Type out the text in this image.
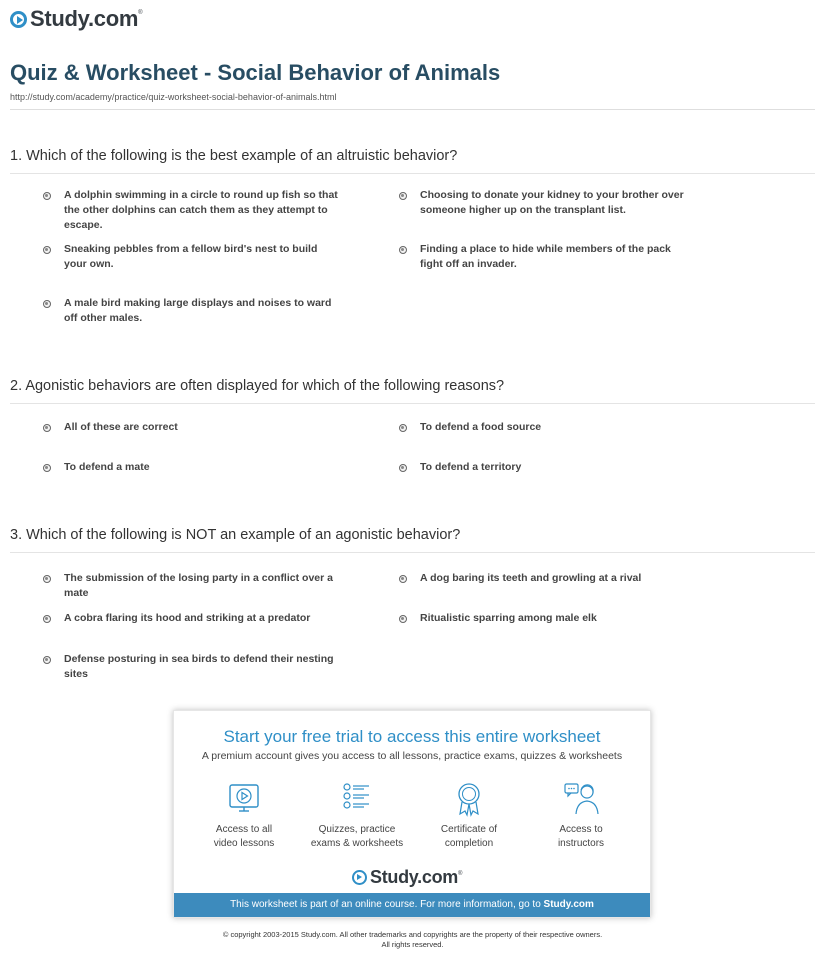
Study.com ®
Quiz & Worksheet - Social Behavior of Animals
http://study.com/academy/practice/quiz-worksheet-social-behavior-of-animals.html
1. Which of the following is the best example of an altruistic behavior?
A dolphin swimming in a circle to round up fish so that the other dolphins can catch them as they attempt to escape.
Choosing to donate your kidney to your brother over someone higher up on the transplant list.
Sneaking pebbles from a fellow bird's nest to build your own.
Finding a place to hide while members of the pack fight off an invader.
A male bird making large displays and noises to ward off other males.
2. Agonistic behaviors are often displayed for which of the following reasons?
All of these are correct	To defend a food source
To defend a mate	To defend a territory
3. Which of the following is NOT an example of an agonistic behavior?
The submission of the losing party in a conflict over a mate
A dog baring its teeth and growling at a rival
A cobra flaring its hood and striking at a predator	Ritualistic sparring among male elk
Defense posturing in sea birds to defend their nesting sites
Start your free trial to access this entire worksheet
A premium account gives you access to all lessons, practice exams, quizzes & worksheets
Access to all
video lessons
Quizzes, practice
exams & worksheets
Certificate of
completion
Access to
instructors
Study.com ®
This worksheet is part of an online course. For more information, go to Study.com
© copyright 2003-2015 Study.com. All other trademarks and copyrights are the property of their respective owners.
All rights reserved.
